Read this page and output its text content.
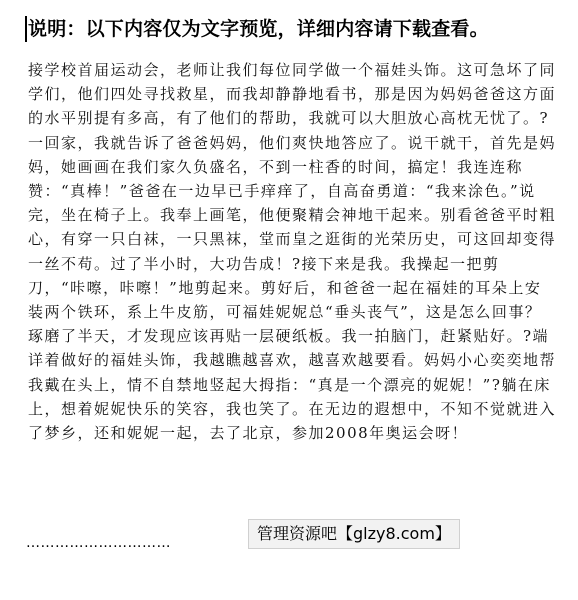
说明：以下内容仅为文字预览，详细内容请下载查看。
接学校首届运动会，老师让我们每位同学做一个福娃头饰。这可急坏了同学们，他们四处寻找救星，而我却静静地看书，那是因为妈妈爸爸这方面的水平别提有多高，有了他们的帮助，我就可以大胆放心高枕无忧了。?一回家，我就告诉了爸爸妈妈，他们爽快地答应了。说干就干，首先是妈妈，她画画在我们家久负盛名，不到一柱香的时间，搞定！我连连称赞：“真棒！”爸爸在一边早已手痒痒了，自高奋勇道：“我来涂色。”说完，坐在椅子上。我奉上画笔，他便聚精会神地干起来。别看爸爸平时粗心，有穿一只白袜，一只黑袜，堂而皇之逛街的光荣历史，可这回却变得一丝不苟。过了半小时，大功告成！?接下来是我。我操起一把剪刀，“咔嚓，咔嚓！”地剪起来。剪好后，和爸爸一起在福娃的耳朵上安装两个铁环，系上牛皮筋，可福娃妮妮总“垂头丧气”，这是怎么回事？琢磨了半天，才发现应该再贴一层硬纸板。我一拍脑门，赶紧贴好。?端详着做好的福娃头饰，我越瞧越喜欢，越喜欢越要看。妈妈小心奕奕地帮我戴在头上，情不自禁地竖起大拇指：“真是一个漂亮的妮妮！”?躺在床上，想着妮妮快乐的笑容，我也笑了。在无边的遐想中，不知不觉就进入了梦乡，还和妮妮一起，去了北京，参加2008年奥运会呀！
…………………………	管理资源吧【glzy8.com】
